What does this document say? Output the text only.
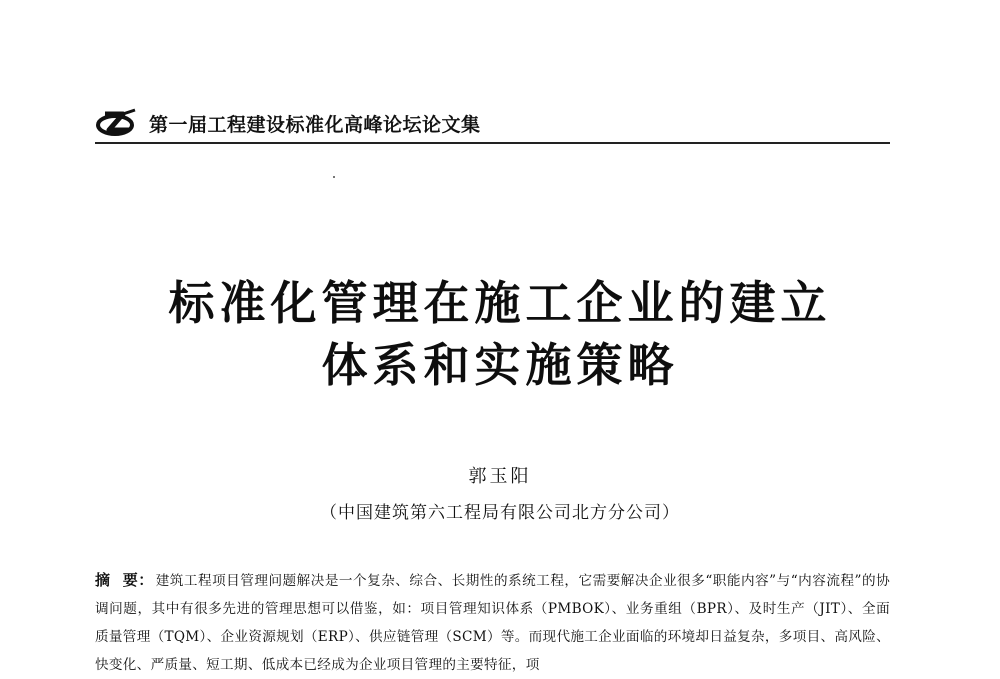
第一届工程建设标准化高峰论坛论文集
标准化管理在施工企业的建立
体系和实施策略
郭玉阳
（中国建筑第六工程局有限公司北方分公司）
摘 要： 建筑工程项目管理问题解决是一个复杂、综合、长期性的系统工程，它需要解决企业很多“职能内容”与“内容流程”的协调问题，其中有很多先进的管理思想可以借鉴，如：项目管理知识体系（PMBOK）、业务重组（BPR）、及时生产（JIT）、全面质量管理（TQM）、企业资源规划（ERP）、供应链管理（SCM）等。而现代施工企业面临的环境却日益复杂，多项目、高风险、快变化、严质量、短工期、低成本已经成为企业项目管理的主要特征，项
